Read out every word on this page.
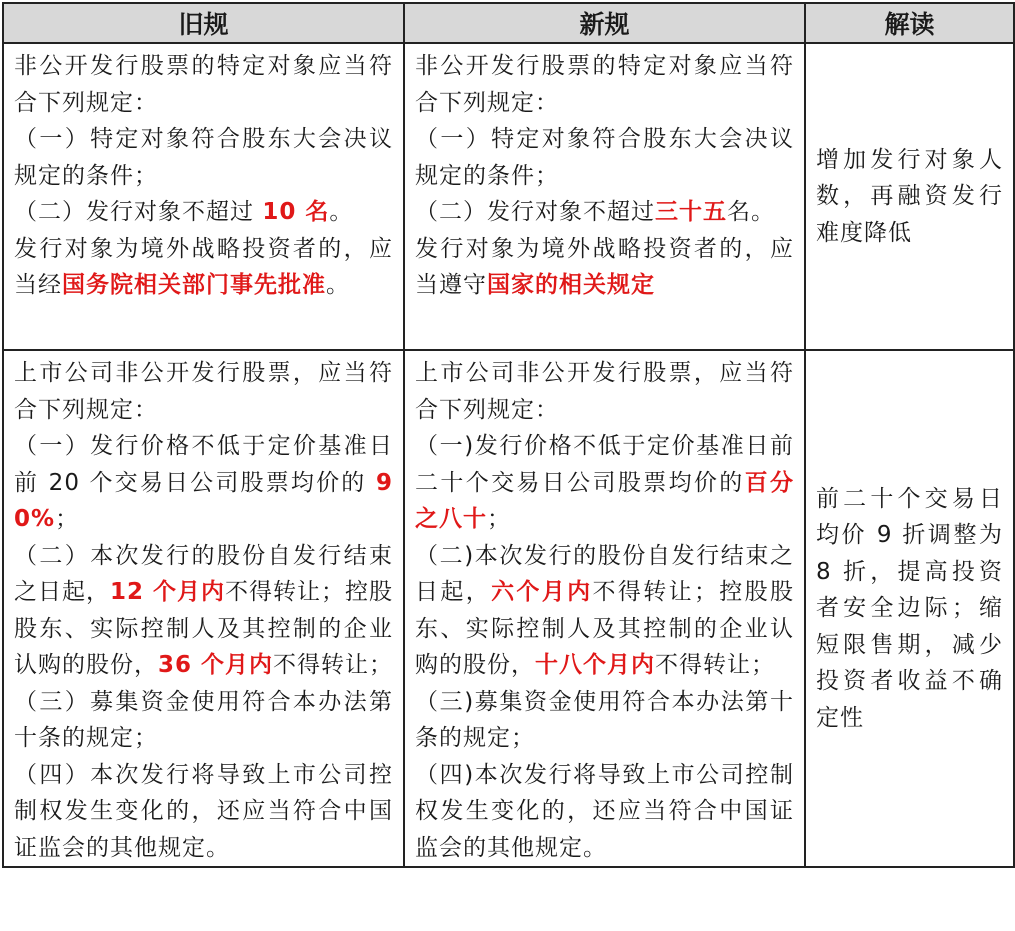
旧规	新规	解读
非公开发行股票的特定对象应当符合下列规定：
（一）特定对象符合股东大会决议规定的条件；
（二）发行对象不超过 10 名。
发行对象为境外战略投资者的，应当经国务院相关部门事先批准。	非公开发行股票的特定对象应当符合下列规定：
（一）特定对象符合股东大会决议规定的条件；
（二）发行对象不超过三十五名。
发行对象为境外战略投资者的，应当遵守国家的相关规定	增加发行对象人数，再融资发行难度降低
上市公司非公开发行股票，应当符合下列规定：
（一）发行价格不低于定价基准日前 20 个交易日公司股票均价的 90%；
（二）本次发行的股份自发行结束之日起，12 个月内不得转让；控股股东、实际控制人及其控制的企业认购的股份，36 个月内不得转让；
（三）募集资金使用符合本办法第十条的规定；
（四）本次发行将导致上市公司控制权发生变化的，还应当符合中国证监会的其他规定。	上市公司非公开发行股票，应当符合下列规定：
（一)发行价格不低于定价基准日前二十个交易日公司股票均价的百分之八十；
（二)本次发行的股份自发行结束之日起，六个月内不得转让；控股股东、实际控制人及其控制的企业认购的股份，十八个月内不得转让；
（三)募集资金使用符合本办法第十条的规定；
（四)本次发行将导致上市公司控制权发生变化的，还应当符合中国证监会的其他规定。	前二十个交易日均价 9 折调整为 8 折，提高投资者安全边际；缩短限售期，减少投资者收益不确定性
